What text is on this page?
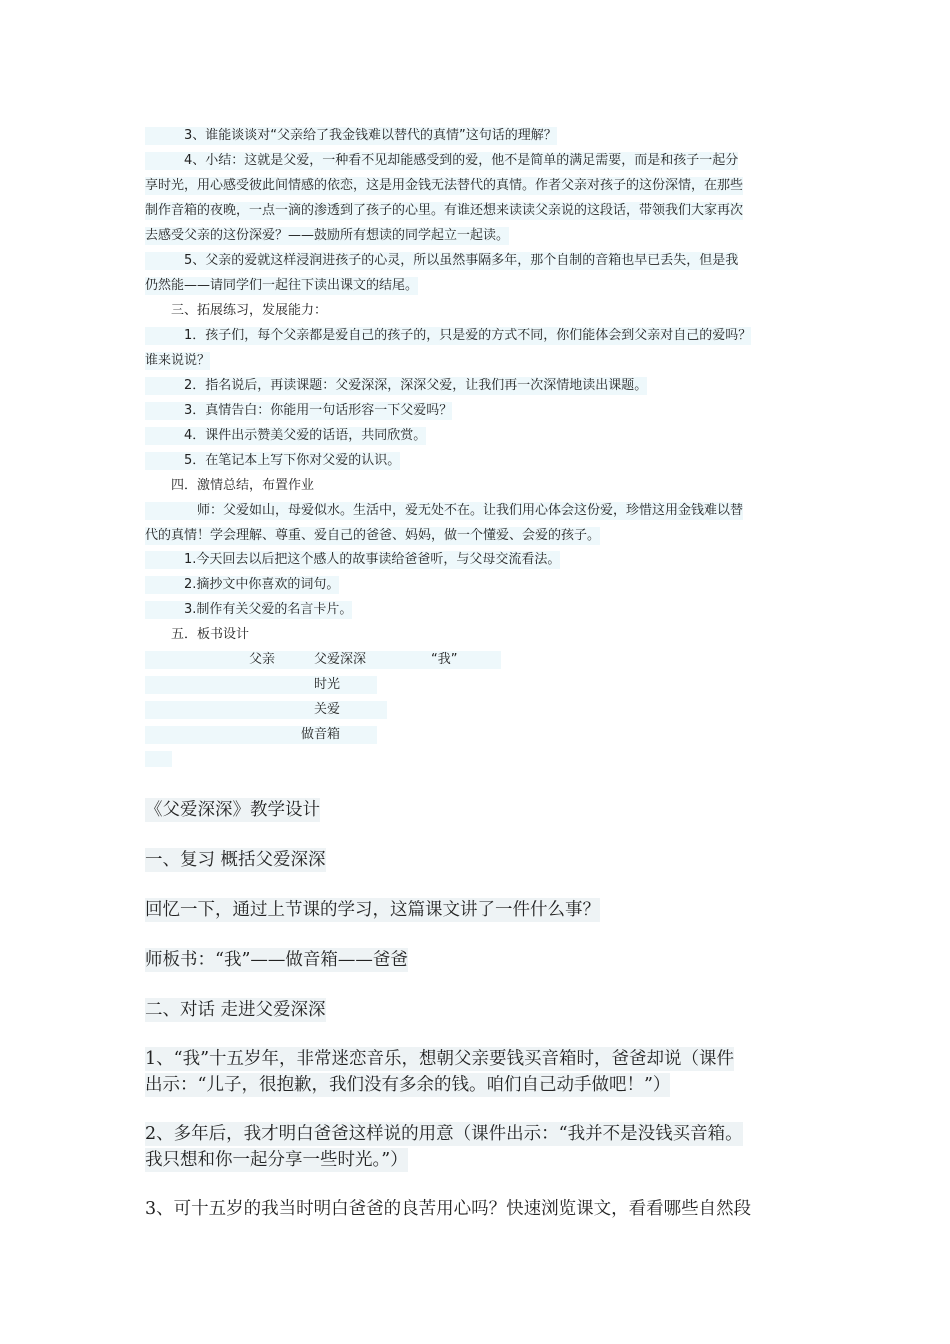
　　　3、谁能谈谈对“父亲给了我金钱难以替代的真情”这句话的理解？
　　　4、小结：这就是父爱，一种看不见却能感受到的爱，他不是简单的满足需要，而是和孩子一起分
享时光，用心感受彼此间情感的依恋，这是用金钱无法替代的真情。作者父亲对孩子的这份深情，在那些
制作音箱的夜晚，一点一滴的渗透到了孩子的心里。有谁还想来读读父亲说的这段话，带领我们大家再次
去感受父亲的这份深爱？——鼓励所有想读的同学起立一起读。
　　　5、父亲的爱就这样浸润进孩子的心灵，所以虽然事隔多年，那个自制的音箱也早已丢失，但是我
仍然能——请同学们一起往下读出课文的结尾。
　　三、拓展练习，发展能力：
　　　1．孩子们，每个父亲都是爱自己的孩子的，只是爱的方式不同，你们能体会到父亲对自己的爱吗？
谁来说说？
　　　2．指名说后，再读课题：父爱深深，深深父爱，让我们再一次深情地读出课题。
　　　3．真情告白：你能用一句话形容一下父爱吗？
　　　4．课件出示赞美父爱的话语，共同欣赏。
　　　5．在笔记本上写下你对父爱的认识。
　　四．激情总结，布置作业
　　　　师：父爱如山，母爱似水。生活中，爱无处不在。让我们用心体会这份爱，珍惜这用金钱难以替
代的真情！学会理解、尊重、爱自己的爸爸、妈妈，做一个懂爱、会爱的孩子。
　　　1.今天回去以后把这个感人的故事读给爸爸听，与父母交流看法。
　　　2.摘抄文中你喜欢的词句。
　　　3.制作有关父爱的名言卡片。
　　五．板书设计
　　　　　　　　父亲　　　父爱深深　　　　　“我”
　　　　　　　　　　　　　时光
　　　　　　　　　　　　　关爱
　　　　　　　　　　　　做音箱
《父爱深深》教学设计
一、复习 概括父爱深深
回忆一下，通过上节课的学习，这篇课文讲了一件什么事？
师板书：“我”——做音箱——爸爸
二、对话 走进父爱深深
1、“我”十五岁年，非常迷恋音乐，想朝父亲要钱买音箱时，爸爸却说（课件
出示：“儿子，很抱歉，我们没有多余的钱。咱们自己动手做吧！”）
2、多年后，我才明白爸爸这样说的用意（课件出示：“我并不是没钱买音箱。
我只想和你一起分享一些时光。”）
3、可十五岁的我当时明白爸爸的良苦用心吗？快速浏览课文，看看哪些自然段
